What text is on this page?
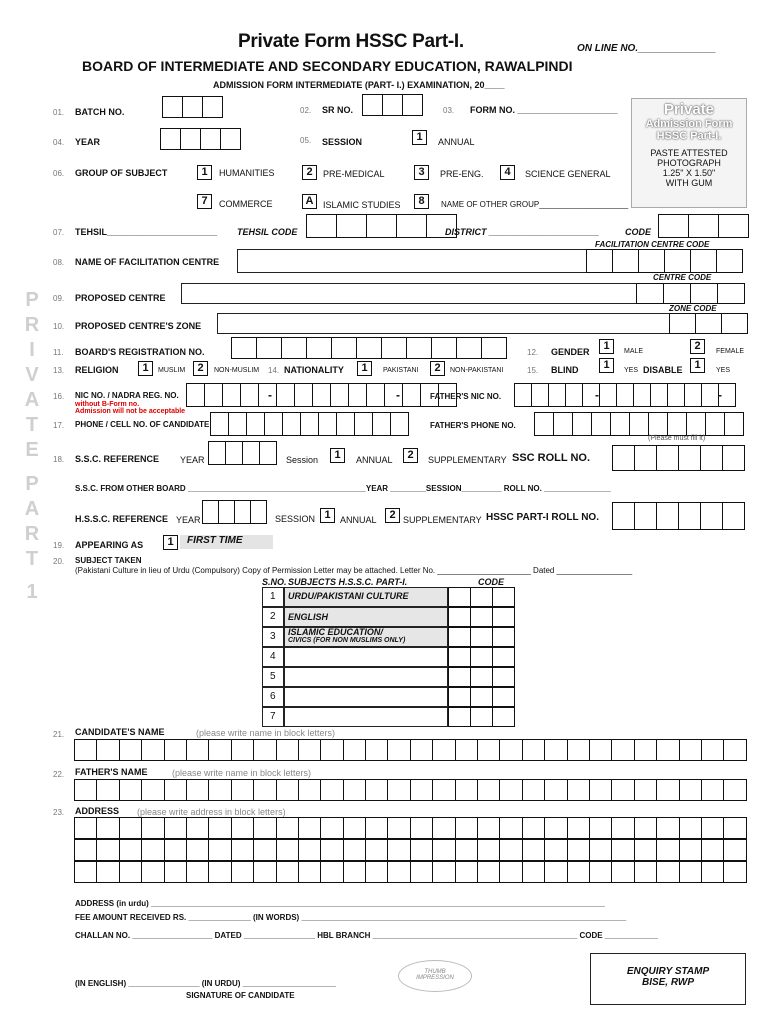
Private Form HSSC Part-I.	ON LINE NO.______________
BOARD OF INTERMEDIATE AND SECONDARY EDUCATION, RAWALPINDI
ADMISSION FORM INTERMEDIATE (PART- I.) EXAMINATION, 20____
Private
Admission Form
HSSC Part-I.
PASTE ATTESTED
PHOTOGRAPH
1.25" X 1.50"
WITH GUM
P
R
I
V
A
T
E
P
A
R
T
1
01. BATCH NO.	02. SR NO.	03. FORM NO. ____________________
04. YEAR	05. SESSION	1	ANNUAL
06. GROUP OF SUBJECT	1	HUMANITIES	2	PRE-MEDICAL	3	PRE-ENG.	4	SCIENCE GENERAL
7	COMMERCE	A	ISLAMIC STUDIES	8	NAME OF OTHER GROUP____________________
07. TEHSIL______________________ TEHSIL CODE	DISTRICT ______________________	CODE
FACILITATION CENTRE CODE
08. NAME OF FACILITATION CENTRE
CENTRE CODE
09. PROPOSED CENTRE
ZONE CODE
10. PROPOSED CENTRE'S ZONE
11. BOARD'S REGISTRATION NO.	12. GENDER	1	MALE	2	FEMALE
13. RELIGION	1	MUSLIM	2	NON-MUSLIM 14. NATIONALITY	1	PAKISTANI	2	NON-PAKISTANI	15. BLIND	1	YES DISABLE	1	YES
16. NIC NO. / NADRA REG. NO.
without B-Form no.
Admission will not be acceptable
-	-	FATHER'S NIC NO.	-	-
17. PHONE / CELL NO. OF CANDIDATE	FATHER'S PHONE NO.
(Please must fill it)
18. S.S.C. REFERENCE YEAR	Session	1	ANNUAL	2	SUPPLEMENTARY SSC ROLL NO.
S.S.C. FROM OTHER BOARD ________________________________________YEAR ________SESSION_________ ROLL NO. _______________
H.S.S.C. REFERENCE YEAR	SESSION 1	ANNUAL	2 SUPPLEMENTARY HSSC PART-I ROLL NO.
19. APPEARING AS	1	FIRST TIME
20. SUBJECT TAKEN
(Pakistani Culture in lieu of Urdu (Compulsory) Copy of Permission Letter may be attached. Letter No. _____________________ Dated _________________
S.NO. SUBJECTS H.S.S.C. PART-I.	CODE
1 URDU/PAKISTANI CULTURE
2 ENGLISH
3 ISLAMIC EDUCATION/
CIVICS (FOR NON MUSLIMS ONLY)
4
5
6
7
21. CANDIDATE'S NAME	(please write name in block letters)
22. FATHER'S NAME	(please write name in block letters)
23. ADDRESS (please write address in block letters)
ADDRESS (in urdu) ______________________________________________________________________________________________________
FEE AMOUNT RECEIVED RS. ______________ (IN WORDS) _________________________________________________________________________
CHALLAN NO. __________________ DATED ________________ HBL BRANCH ______________________________________________ CODE ____________
THUMB
IMPRESSION
(IN ENGLISH) ________________ (IN URDU) _____________________
SIGNATURE OF CANDIDATE
ENQUIRY STAMP
BISE, RWP
